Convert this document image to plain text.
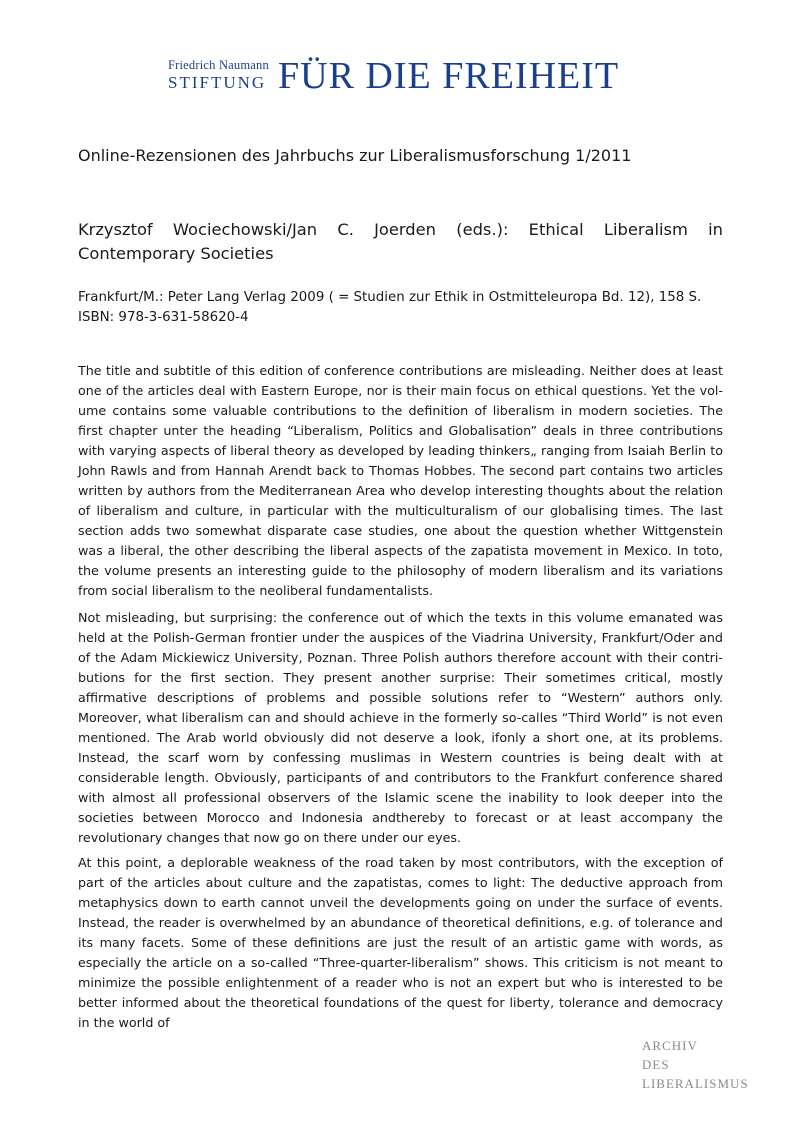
Friedrich Naumann
STIFTUNG FÜR DIE FREIHEIT
Online-Rezensionen des Jahrbuchs zur Liberalismusforschung 1/2011
Krzysztof Wociechowski/Jan C. Joerden (eds.): Ethical Liberalism in Contemporary Societies

Frankfurt/M.: Peter Lang Verlag 2009 ( = Studien zur Ethik in Ostmitteleuropa Bd. 12), 158 S. ISBN: 978-3-631-58620-4

The title and subtitle of this edition of conference contributions are misleading. Neither does at least one of the articles deal with Eastern Europe, nor is their main focus on ethical questions. Yet the volume contains some valuable contributions to the definition of liberalism in modern societies. The first chapter unter the heading “Liberalism, Politics and Globalisation” deals in three contributions with varying aspects of liberal theory as developed by leading thinkers„ ranging from Isaiah Berlin to John Rawls and from Hannah Arendt back to Thomas Hobbes. The second part contains two articles written by authors from the Mediterranean Area who develop interesting thoughts about the relation of liberalism and culture, in particular with the multiculturalism of our globalising times. The last section adds two somewhat disparate case studies, one about the question whether Wittgenstein was a liberal, the other describing the liberal aspects of the zapatista movement in Mexico. In toto, the volume presents an interesting guide to the philosophy of modern liberalism and its variations from social liberalism to the neoliberal fundamentalists.

Not misleading, but surprising: the conference out of which the texts in this volume emanated was held at the Polish-German frontier under the auspices of the Viadrina University, Frankfurt/Oder and of the Adam Mickiewicz University, Poznan. Three Polish authors therefore account with their contributions for the first section. They present another surprise: Their sometimes critical, mostly affirmative descriptions of problems and possible solutions refer to “Western” authors only. Moreover, what liberalism can and should achieve in the formerly so-calles “Third World” is not even mentioned. The Arab world obviously did not deserve a look, ifonly a short one, at its problems. Instead, the scarf worn by confessing muslimas in Western countries is being dealt with at considerable length. Obviously, participants of and contributors to the Frankfurt conference shared with almost all professional observers of the Islamic scene the inability to look deeper into the societies between Morocco and Indonesia andthereby to forecast or at least accompany the revolutionary changes that now go on there under our eyes.

At this point, a deplorable weakness of the road taken by most contributors, with the exception of part of the articles about culture and the zapatistas, comes to light: The deductive approach from metaphysics down to earth cannot unveil the developments going on under the surface of events. Instead, the reader is overwhelmed by an abundance of theoretical definitions, e.g. of tolerance and its many facets. Some of these definitions are just the result of an artistic game with words, as especially the article on a so-called “Three-quarter-liberalism” shows. This criticism is not meant to minimize the possible enlightenment of a reader who is not an expert but who is interested to be better informed about the theoretical foundations of the quest for liberty, tolerance and democracy in the world of

ARCHIV
DES
LIBERALISMUS
